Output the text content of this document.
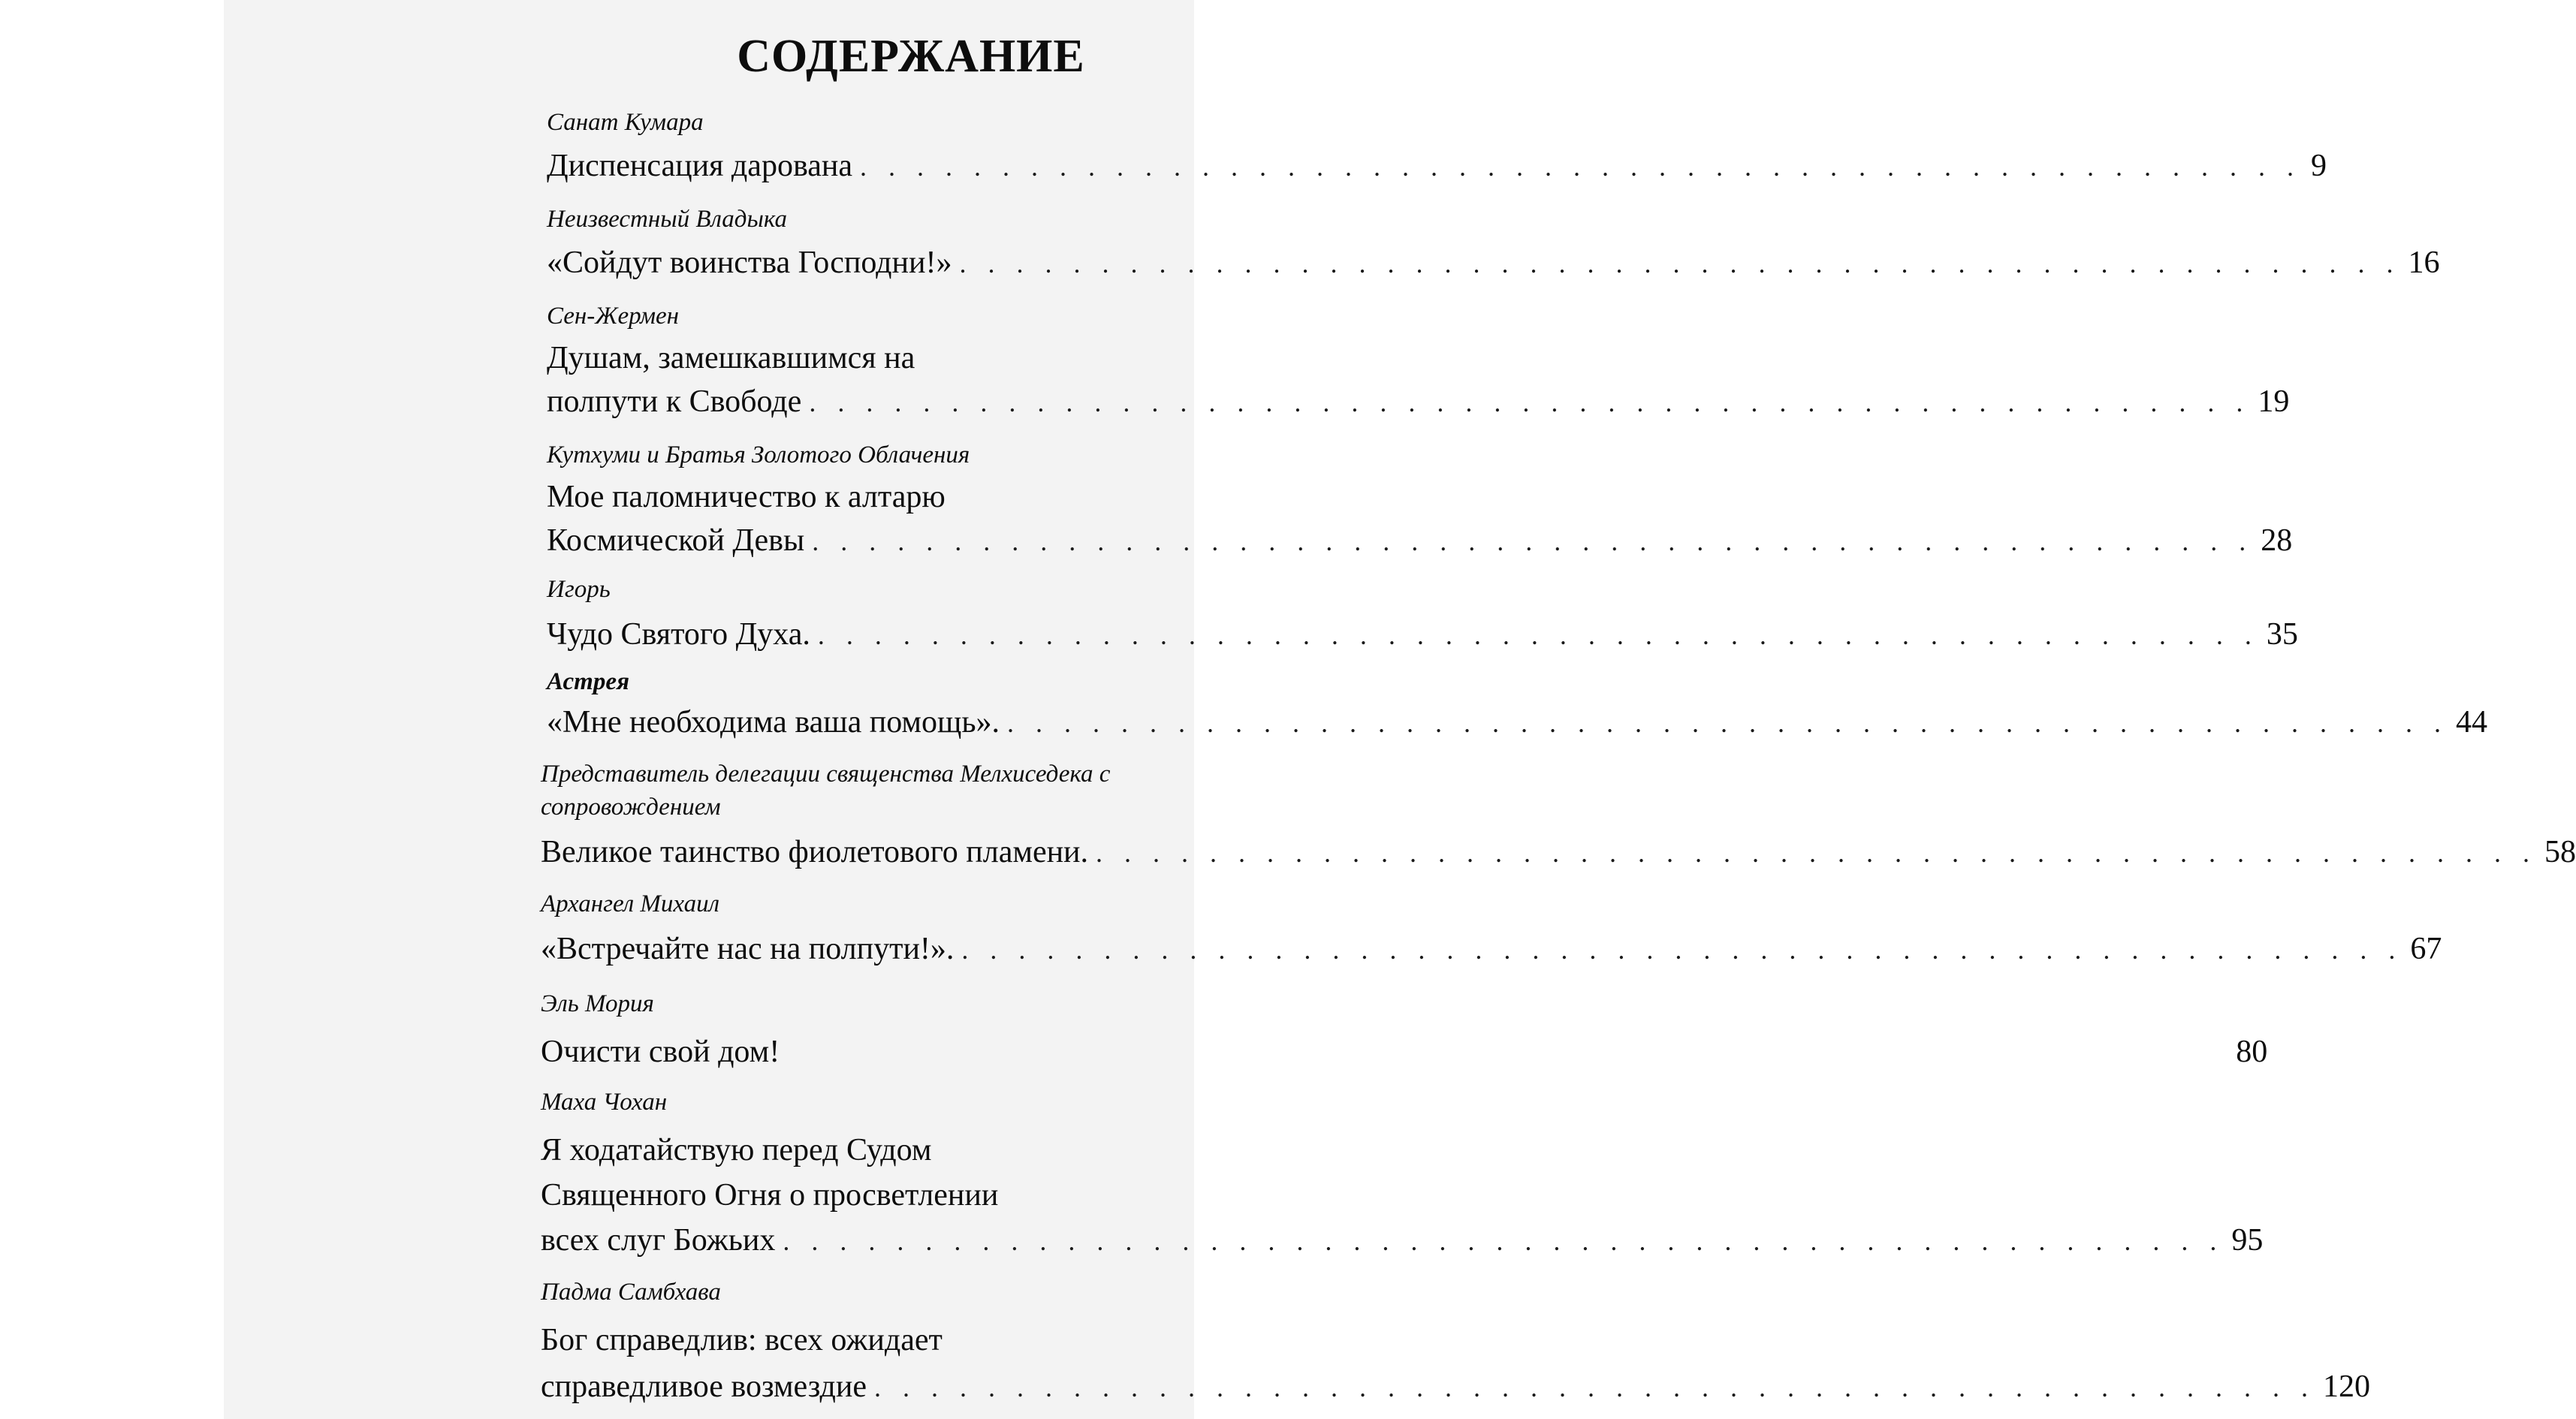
СОДЕРЖАНИЕ
Санат Кумара
Диспенсация дарована . . .	9
Неизвестный Владыка
«Сойдут воинства Господни!» . . .	16
Сен-Жермен
Душам, замешкавшимся на
полпути к Свободе . . .	19
Кутхуми и Братья Золотого Облачения
Мое паломничество к алтарю
Космической Девы . . .	28
Игорь
Чудо Святого Духа. . . .	35
Астрея
«Мне необходима ваша помощь». . . .	44
Представитель делегации священства Мелхиседека с сопровождением
Великое таинство фиолетового пламени. . . .	58
Архангел Михаил
«Встречайте нас на полпути!». . . .	67
Эль Мория
Очисти свой дом!	80
Маха Чохан
Я ходатайствую перед Судом
Священного Огня о просветлении
всех слуг Божьих . . .	95
Падма Самбхава
Бог справедлив: всех ожидает
справедливое возмездие . . .	120
